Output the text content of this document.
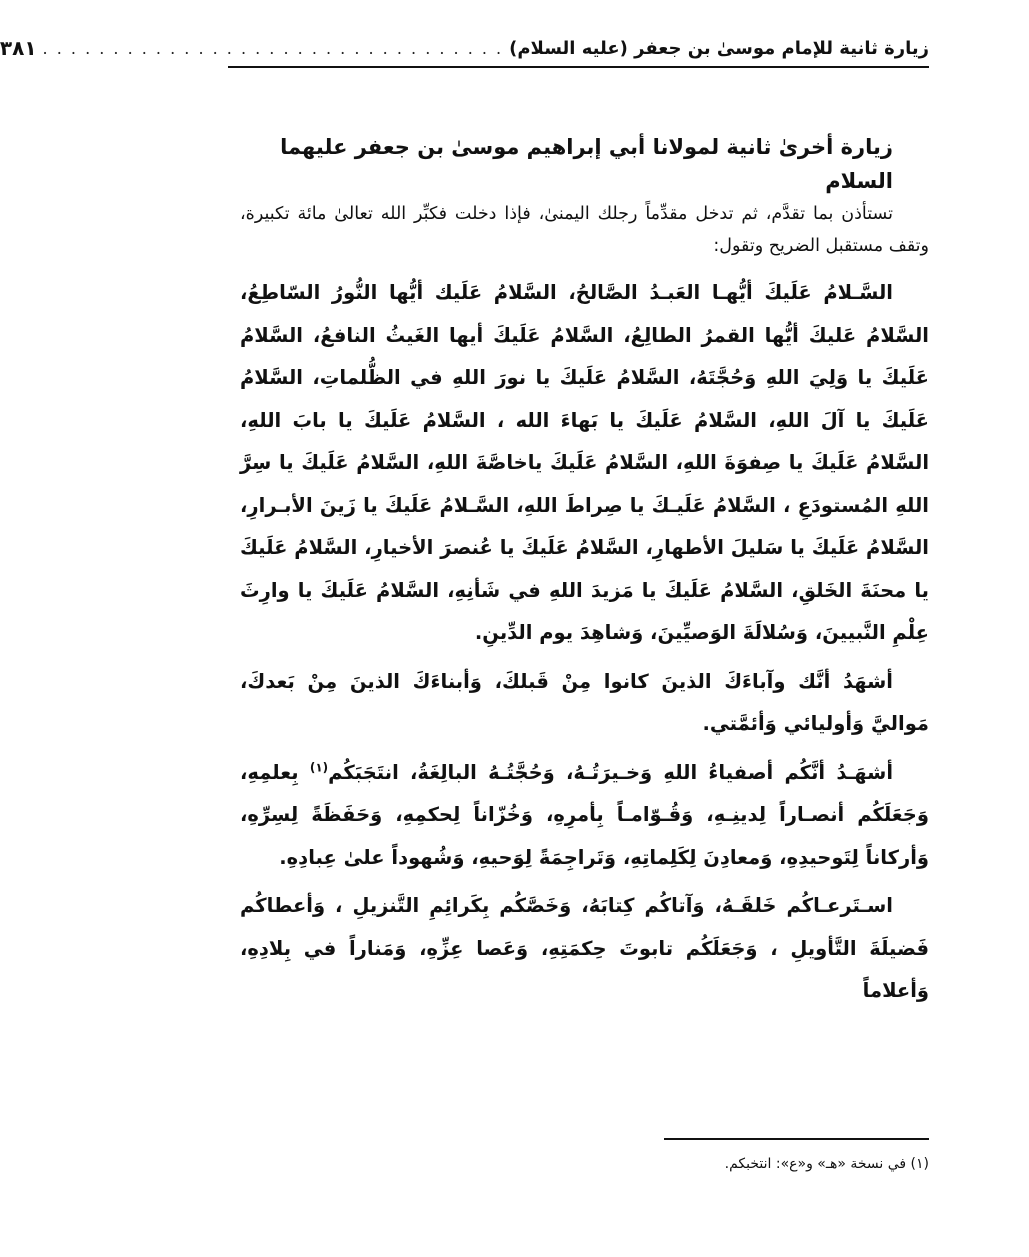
زيارة ثانية للإمام موسىٰ بن جعفر (عليه السلام)
. . . . . . . . . . . . . . . . . . . . . . . . . . . . . . . . .
٣٨١

زيارة أخرىٰ ثانية لمولانا أبي إبراهيم موسىٰ بن جعفر عليهما السلام

تستأذن بما تقدَّم، ثم تدخل مقدِّماً رجلك اليمنىٰ، فإذا دخلت فكبِّر الله تعالىٰ مائة تكبيرة، وتقف مستقبل الضريح وتقول:

السَّـلامُ عَلَيكَ أيُّهـا العَبـدُ الصَّالحُ، السَّلامُ عَلَيك أيُّها النُّورُ السّاطِعُ، السَّلامُ عَليكَ أيُّها القمرُ الطالِعُ، السَّلامُ عَلَيكَ أيها الغَيثُ النافعُ، السَّلامُ عَلَيكَ يا وَلِيَ اللهِ وَحُجَّتَهُ، السَّلامُ عَلَيكَ يا نورَ اللهِ في الظُّلماتِ، السَّلامُ عَلَيكَ يا آلَ اللهِ، السَّلامُ عَلَيكَ يا بَهاءَ الله ، السَّلامُ عَلَيكَ يا بابَ اللهِ، السَّلامُ عَلَيكَ يا صِفوَةَ اللهِ، السَّلامُ عَلَيكَ ياخاصَّةَ اللهِ، السَّلامُ عَلَيكَ يا سِرَّ اللهِ المُستودَعِ ، السَّلامُ عَلَيـكَ يا صِراطَ اللهِ، السَّـلامُ عَلَيكَ يا زَينَ الأبـرارِ، السَّلامُ عَلَيكَ يا سَليلَ الأطهارِ، السَّلامُ عَلَيكَ يا عُنصرَ الأخيارِ، السَّلامُ عَلَيكَ يا محنَةَ الخَلقِ، السَّلامُ عَلَيكَ يا مَزيدَ اللهِ في شَأنِهِ، السَّلامُ عَلَيكَ يا وارِثَ عِلْمِ النَّبيينَ، وَسُلالَةَ الوَصيِّينَ، وَشاهِدَ يوم الدِّينِ.

أشهَدُ أنَّك وآباءَكَ الذينَ كانوا مِنْ قَبلكَ، وَأبناءَكَ الذينَ مِنْ بَعدكَ، مَواليَّ وَأوليائي وَأئمَّتي.

أشهَـدُ أنَّكُم أصفياءُ اللهِ وَخـيرَتُـهُ، وَحُجَّتُـهُ البالِغَةُ، انتَجَبَكُم$^{(١)}$ بِعلمِهِ، وَجَعَلَكُم أنصـاراً لِدينِـهِ، وَقُـوّامـاً بِأمرِهِ، وَخُزّاناً لِحكمِهِ، وَحَفَظَةً لِسِرِّهِ، وَأركاناً لِتَوحيدِهِ، وَمعادِنَ لِكَلِماتِهِ، وَتَراجِمَةً لِوَحيهِ، وَشُهوداً علىٰ عِبادِهِ.

اسـتَرعـاكُم خَلقَـهُ، وَآتاكُم كِتابَهُ، وَخَصَّكُم بِكَرائِمِ التَّنزيلِ ، وَأعطاكُم فَضيلَةَ التَّأويلِ ، وَجَعَلَكُم تابوتَ حِكمَتِهِ، وَعَصا عِزِّهِ، وَمَناراً في بِلادِهِ، وَأعلاماً

(١) في نسخة «هـ» و«ع»: انتخبكم.
